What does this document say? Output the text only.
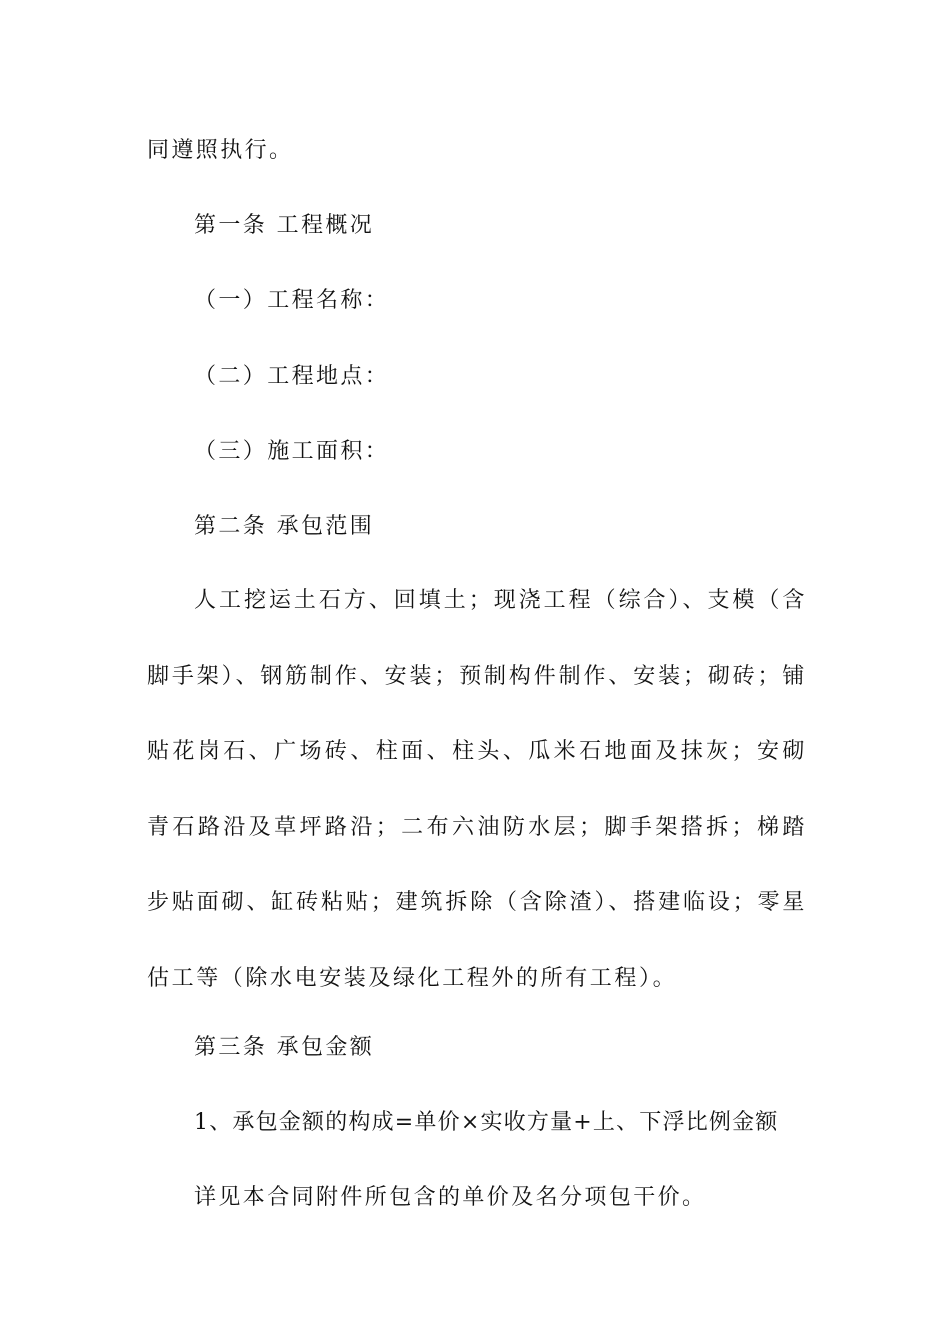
同遵照执行。
第一条 工程概况
（一）工程名称：
（二）工程地点：
（三）施工面积：
第二条 承包范围
人工挖运土石方、回填土；现浇工程（综合）、支模（含脚手架）、钢筋制作、安装；预制构件制作、安装；砌砖；铺贴花岗石、广场砖、柱面、柱头、瓜米石地面及抹灰；安砌青石路沿及草坪路沿；二布六油防水层；脚手架搭拆；梯踏步贴面砌、缸砖粘贴；建筑拆除（含除渣）、搭建临设；零星估工等（除水电安装及绿化工程外的所有工程）。
第三条 承包金额
1、承包金额的构成=单价×实收方量+上、下浮比例金额
详见本合同附件所包含的单价及名分项包干价。
